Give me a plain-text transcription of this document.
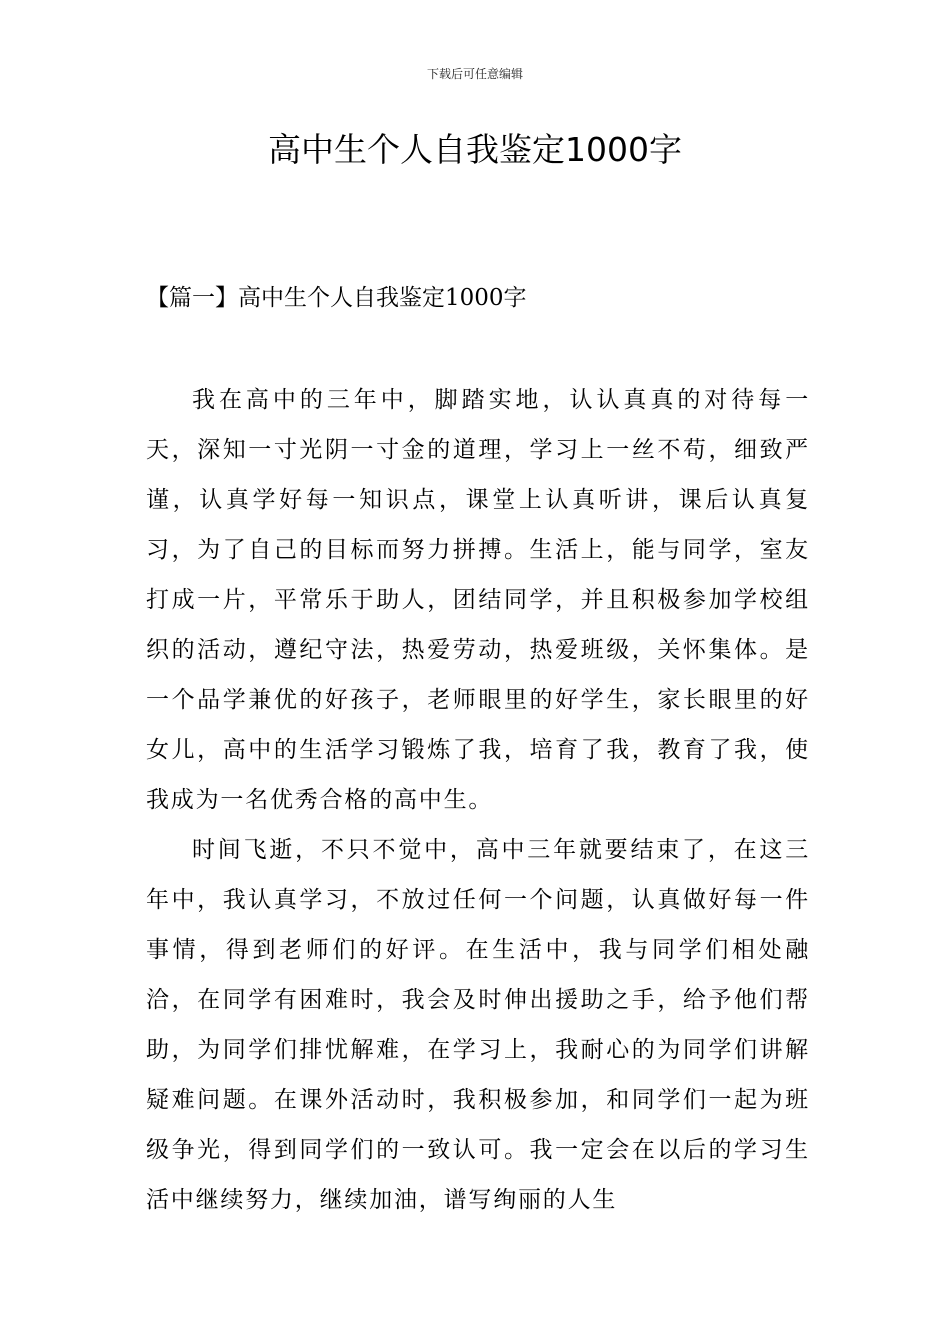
下载后可任意编辑
高中生个人自我鉴定1000字
【篇一】高中生个人自我鉴定1000字

我在高中的三年中，脚踏实地，认认真真的对待每一天，深知一寸光阴一寸金的道理，学习上一丝不苟，细致严谨，认真学好每一知识点，课堂上认真听讲，课后认真复习，为了自己的目标而努力拼搏。生活上，能与同学，室友打成一片，平常乐于助人，团结同学，并且积极参加学校组织的活动，遵纪守法，热爱劳动，热爱班级，关怀集体。是一个品学兼优的好孩子，老师眼里的好学生，家长眼里的好女儿，高中的生活学习锻炼了我，培育了我，教育了我，使我成为一名优秀合格的高中生。

时间飞逝，不只不觉中，高中三年就要结束了，在这三年中，我认真学习，不放过任何一个问题，认真做好每一件事情，得到老师们的好评。在生活中，我与同学们相处融洽，在同学有困难时，我会及时伸出援助之手，给予他们帮助，为同学们排忧解难，在学习上，我耐心的为同学们讲解疑难问题。在课外活动时，我积极参加，和同学们一起为班级争光，得到同学们的一致认可。我一定会在以后的学习生活中继续努力，继续加油，谱写绚丽的人生
